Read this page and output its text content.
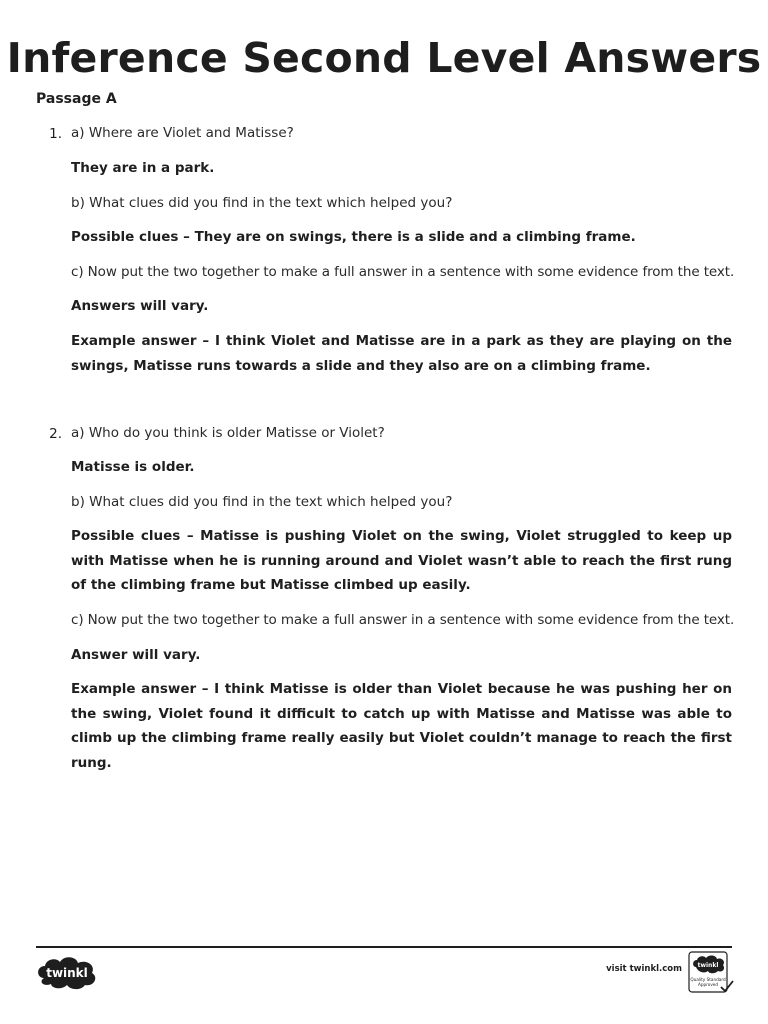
Inference Second Level Answers
Passage A
1. a) Where are Violet and Matisse?
They are in a park.
b) What clues did you find in the text which helped you?
Possible clues – They are on swings, there is a slide and a climbing frame.
c) Now put the two together to make a full answer in a sentence with some evidence from the text.
Answers will vary.
Example answer – I think Violet and Matisse are in a park as they are playing on the swings, Matisse runs towards a slide and they also are on a climbing frame.
2. a) Who do you think is older Matisse or Violet?
Matisse is older.
b) What clues did you find in the text which helped you?
Possible clues – Matisse is pushing Violet on the swing, Violet struggled to keep up with Matisse when he is running around and Violet wasn’t able to reach the first rung of the climbing frame but Matisse climbed up easily.
c) Now put the two together to make a full answer in a sentence with some evidence from the text.
Answer will vary.
Example answer – I think Matisse is older than Violet because he was pushing her on the swing, Violet found it difficult to catch up with Matisse and Matisse was able to climb up the climbing frame really easily but Violet couldn’t manage to reach the first rung.
twinkl	visit twinkl.com	twinkl
Quality Standard
Approved
